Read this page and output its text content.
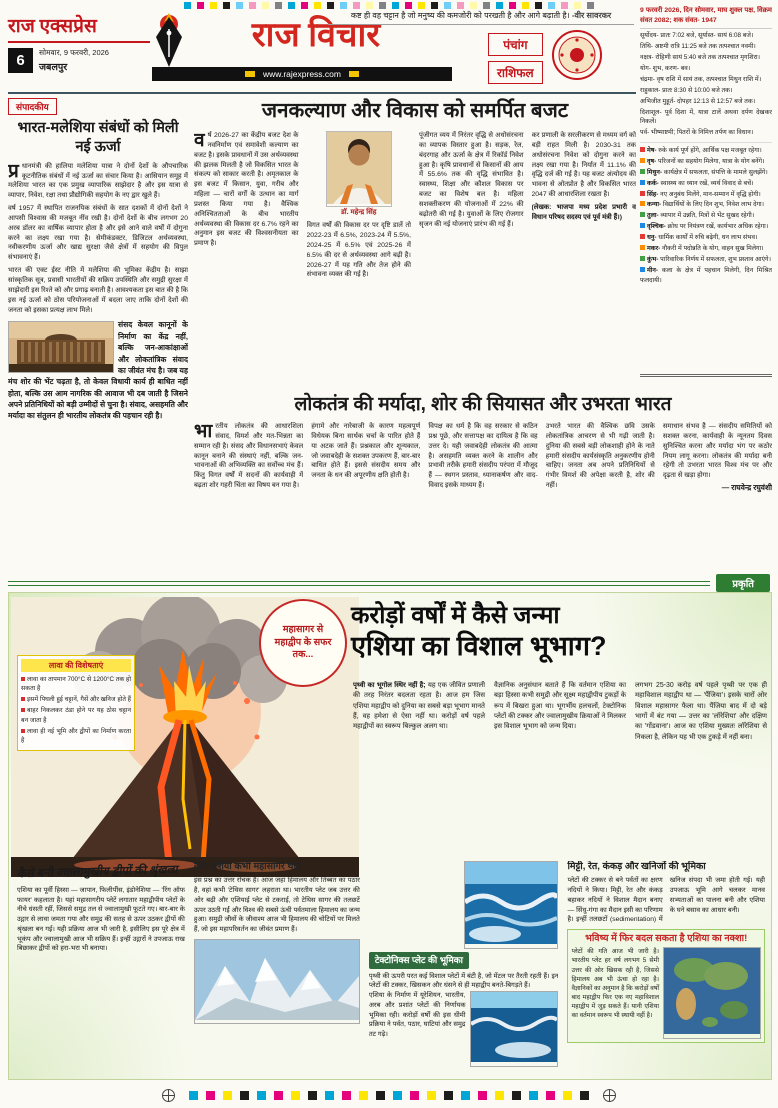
राज एक्सप्रेस
6	सोमवार, 9 फरवरी, 2026
जबलपुर
राज विचार
www.rajexpress.com
कष्ट ही वह चट्टान है जो मनुष्य की कमजोरी को परखती है और आगे बढ़ाती है। -वीर सावरकर
पंचांग
राशिफल
9 फरवरी 2026, दिन सोमवार, माघ शुक्ल पक्ष, विक्रम संवत 2082; शक संवत- 1947
सूर्योदय- प्रातः 7:02 बजे, सूर्यास्त- सायं 6:08 बजे।
तिथि- अष्टमी रात्रि 11:25 बजे तक तत्पश्चात नवमी।
नक्षत्र- रोहिणी सायं 5:40 बजे तक तत्पश्चात मृगशिरा।
योग- शुभ, करण- बव।
चंद्रमा- वृष राशि में सायं तक, तत्पश्चात मिथुन राशि में।
राहुकाल- प्रातः 8:30 से 10:00 बजे तक।
अभिजीत मुहूर्त- दोपहर 12:13 से 12:57 बजे तक।
दिशाशूल- पूर्व दिशा में, यात्रा टालें अथवा दर्पण देखकर निकलें।
पर्व- भीष्माष्टमी; पितरों के निमित्त तर्पण का विधान।
मेष- रुके कार्य पूर्ण होंगे, आर्थिक पक्ष मजबूत रहेगा।
वृष- परिजनों का सहयोग मिलेगा, यात्रा के योग बनेंगे।
मिथुन- कार्यक्षेत्र में सफलता, संपत्ति के मामले सुलझेंगे।
कर्क- स्वास्थ्य का ध्यान रखें, व्यर्थ विवाद से बचें।
सिंह- नए अनुबंध मिलेंगे, मान-सम्मान में वृद्धि होगी।
कन्या- विद्यार्थियों के लिए दिन शुभ, निवेश लाभ देगा।
तुला- व्यापार में उन्नति, मित्रों से भेंट सुखद रहेगी।
वृश्चिक- क्रोध पर नियंत्रण रखें, कार्यभार अधिक रहेगा।
धनु- धार्मिक कार्यों में रुचि बढ़ेगी, धन लाभ संभव।
मकर- नौकरी में पदोन्नति के योग, वाहन सुख मिलेगा।
कुंभ- पारिवारिक निर्णय में सफलता, शुभ प्रस्ताव आएंगे।
मीन- कला के क्षेत्र में पहचान मिलेगी, दिन मिश्रित फलदायी।
संपादकीय
भारत-मलेशिया संबंधों को मिली नई ऊर्जा

प्र धानमंत्री की हालिया मलेशिया यात्रा ने दोनों देशों के औपचारिक कूटनीतिक संबंधों में नई ऊर्जा का संचार किया है। आसियान समूह में मलेशिया भारत का एक प्रमुख व्यापारिक साझेदार है और इस यात्रा से व्यापार, निवेश, रक्षा तथा प्रौद्योगिकी सहयोग के नए द्वार खुले हैं।

वर्ष 1957 में स्थापित राजनयिक संबंधों के सात दशकों में दोनों देशों ने आपसी विश्वास की मजबूत नींव रखी है। दोनों देशों के बीच लगभग 20 अरब डॉलर का वार्षिक व्यापार होता है और इसे आने वाले वर्षों में दोगुना करने का लक्ष्य रखा गया है। सेमीकंडक्टर, डिजिटल अर्थव्यवस्था, नवीकरणीय ऊर्जा और खाद्य सुरक्षा जैसे क्षेत्रों में सहयोग की विपुल संभावनाएं हैं।

भारत की एक्ट ईस्ट नीति में मलेशिया की भूमिका केंद्रीय है। साझा सांस्कृतिक सूत्र, प्रवासी भारतीयों की सक्रिय उपस्थिति और समुद्री सुरक्षा में साझेदारी इस रिश्ते को और प्रगाढ़ बनाती है। आवश्यकता इस बात की है कि इस नई ऊर्जा को ठोस परियोजनाओं में बदला जाए ताकि दोनों देशों की जनता को इसका प्रत्यक्ष लाभ मिले।

संसद केवल कानूनों के निर्माण का केंद्र नहीं, बल्कि जन-आकांक्षाओं और लोकतांत्रिक संवाद का जीवंत मंच है। जब यह मंच शोर की भेंट चढ़ता है, तो केवल विधायी कार्य ही बाधित नहीं होता, बल्कि उस आम नागरिक की आवाज भी दब जाती है जिसने अपने प्रतिनिधियों को बड़ी उम्मीदों से चुना है। संवाद, असहमति और मर्यादा का संतुलन ही भारतीय लोकतंत्र की पहचान रही है।
जनकल्याण और विकास को समर्पित बजट
वर्ष 2026-27 का केंद्रीय बजट देश के नवनिर्माण एवं समावेशी कल्याण का बजट है। इसके प्रावधानों में उस अर्थव्यवस्था की झलक मिलती है जो विकसित भारत के संकल्प को साकार करती है। अमृतकाल के इस बजट में किसान, युवा, गरीब और महिला — चारों वर्गों के उत्थान का मार्ग प्रशस्त किया गया है। वैश्विक अनिश्चितताओं के बीच भारतीय अर्थव्यवस्था की विकास दर 6.7% रहने का अनुमान इस बजट की विश्वसनीयता का प्रमाण है।
डॉ. महेन्द्र सिंह
विगत वर्षों की विकास दर पर दृष्टि डालें तो 2022-23 में 6.5%, 2023-24 में 5.5%, 2024-25 में 6.5% एवं 2025-26 में 6.5% की दर से अर्थव्यवस्था आगे बढ़ी है। 2026-27 में यह गति और तेज होने की संभावना व्यक्त की गई है।
पूंजीगत व्यय में निरंतर वृद्धि से अधोसंरचना का व्यापक विस्तार हुआ है। सड़क, रेल, बंदरगाह और ऊर्जा के क्षेत्र में रिकॉर्ड निवेश हुआ है। कृषि प्रावधानों से किसानों की आय में 55.6% तक की वृद्धि संभावित है। स्वास्थ्य, शिक्षा और कौशल विकास पर बजट का विशेष बल है। महिला सशक्तीकरण की योजनाओं में 22% की बढ़ोतरी की गई है। युवाओं के लिए रोजगार सृजन की नई योजनाएं प्रारंभ की गई हैं।
कर प्रणाली के सरलीकरण से मध्यम वर्ग को बड़ी राहत मिली है। 2030-31 तक अधोसंरचना निवेश को दोगुना करने का लक्ष्य रखा गया है। निर्यात में 11.1% की वृद्धि दर्ज की गई है। यह बजट अंत्योदय की भावना से ओतप्रोत है और विकसित भारत 2047 की आधारशिला रखता है।
(लेखक: भाजपा मध्य प्रदेश प्रभारी व विधान परिषद सदस्य एवं पूर्व मंत्री हैं।)
लोकतंत्र की मर्यादा, शोर की सियासत और उभरता भारत
भारतीय लोकतंत्र की आधारशिला संवाद, विमर्श और मत-भिन्नता का सम्मान रही है। संसद और विधानसभाएं केवल कानून बनाने की संस्थाएं नहीं, बल्कि जन-भावनाओं की अभिव्यक्ति का सर्वोच्च मंच हैं। किंतु विगत वर्षों में सदनों की कार्यवाही में बढ़ता शोर गहरी चिंता का विषय बन गया है।
हंगामे और नारेबाजी के कारण महत्वपूर्ण विधेयक बिना सार्थक चर्चा के पारित होते हैं या अटक जाते हैं। प्रश्नकाल और शून्यकाल, जो जवाबदेही के सशक्त उपकरण हैं, बार-बार बाधित होते हैं। इससे संसदीय समय और जनता के धन की अपूरणीय क्षति होती है।
विपक्ष का धर्म है कि वह सरकार से कठिन प्रश्न पूछे, और सत्तापक्ष का दायित्व है कि वह उत्तर दे। यही जवाबदेही लोकतंत्र की आत्मा है। असहमति व्यक्त करने के शालीन और प्रभावी तरीके हमारी संसदीय परंपरा में मौजूद हैं — स्थगन प्रस्ताव, ध्यानाकर्षण और वाद-विवाद इसके माध्यम हैं।
उभरते भारत की वैश्विक छवि उसके लोकतांत्रिक आचरण से भी गढ़ी जाती है। दुनिया की सबसे बड़ी लोकशाही होने के नाते हमारी संसदीय कार्यसंस्कृति अनुकरणीय होनी चाहिए। जनता अब अपने प्रतिनिधियों से गंभीर विमर्श की अपेक्षा करती है, शोर की नहीं।
समाधान संभव है — संसदीय समितियों को सशक्त करना, कार्यवाही के न्यूनतम दिवस सुनिश्चित करना और मर्यादा भंग पर कठोर नियम लागू करना। लोकतंत्र की मर्यादा बनी रहेगी तो उभरता भारत विश्व मंच पर और दृढ़ता से खड़ा होगा।
— राघवेन्द्र रघुवंशी
प्रकृति
लावा की विशेषताएं
लावा का तापमान 700°C से 1200°C तक हो सकता है
इसमें पिघली हुई चट्टानें, गैसें और खनिज होते हैं
बाहर निकलकर ठंडा होने पर यह ठोस चट्टान बन जाता है
लावा ही नई भूमि और द्वीपों का निर्माण करता है
महासागर से महाद्वीप के सफर तक...
करोड़ों वर्षों में कैसे जन्मा
एशिया का विशाल भूभाग?
पृथ्वी का भूगोल स्थिर नहीं है; यह एक जीवित प्रणाली की तरह निरंतर बदलता रहता है। आज हम जिस एशिया महाद्वीप को दुनिया का सबसे बड़ा भूभाग मानते हैं, वह हमेशा से ऐसा नहीं था। करोड़ों वर्ष पहले महाद्वीपों का स्वरूप बिल्कुल अलग था।
वैज्ञानिक अनुसंधान बताते हैं कि वर्तमान एशिया का बड़ा हिस्सा कभी समुद्री और सूक्ष्म महाद्वीपीय टुकड़ों के रूप में बिखरा हुआ था। भूगर्भीय हलचलों, टेक्टोनिक प्लेटों की टक्कर और ज्वालामुखीय क्रियाओं ने मिलकर इस विशाल भूभाग को जन्म दिया।
लगभग 25-30 करोड़ वर्ष पहले पृथ्वी पर एक ही महाविशाल महाद्वीप था — 'पैंजिया'। इसके चारों ओर विशाल महासागर फैला था। पैंजिया बाद में दो बड़े भागों में बंट गया — उत्तर का 'लॉरेशिया' और दक्षिण का 'गोंडवाना'। आज का एशिया मुख्यतः लॉरेशिया से निकला है, लेकिन यह भी एक टुकड़े में नहीं बना।
कैसे बनी ज्वालामुखीय द्वीपों की श्रृंखला
एशिया का पूर्वी हिस्सा — जापान, फिलीपींस, इंडोनेशिया — 'रिंग ऑफ फायर' कहलाता है। यहां महासागरीय प्लेटें लगातार महाद्वीपीय प्लेटों के नीचे धंसती रहीं, जिससे समुद्र तल से ज्वालामुखी फूटते गए। बार-बार के उद्गार से लावा जमता गया और समुद्र की सतह से ऊपर उठकर द्वीपों की श्रृंखला बन गई। यही प्रक्रिया आज भी जारी है, इसीलिए इस पूरे क्षेत्र में भूकंप और ज्वालामुखी आज भी सक्रिय हैं। इन्हीं उद्गारों ने उपजाऊ राख बिछाकर द्वीपों को हरा-भरा भी बनाया।
क्या एशिया कभी महासागर था?
इस प्रश्न का उत्तर रोचक है। आज जहां हिमालय और तिब्बत का पठार है, वहां कभी 'टेथिस सागर' लहराता था। भारतीय प्लेट जब उत्तर की ओर बढ़ी और एशियाई प्लेट से टकराई, तो टेथिस सागर की तलछटें ऊपर उठती गईं और विश्व की सबसे ऊंची पर्वतमाला हिमालय का जन्म हुआ। समुद्री जीवों के जीवाश्म आज भी हिमालय की चोटियों पर मिलते हैं, जो इस महापरिवर्तन का जीवंत प्रमाण हैं।
टेक्टोनिक्स प्लेट की भूमिका
पृथ्वी की ऊपरी परत कई विशाल प्लेटों में बंटी है, जो मेंटल पर तैरती रहती हैं। इन प्लेटों की टक्कर, खिसकन और धंसने से ही महाद्वीप बनते-बिगड़ते हैं।
एशिया के निर्माण में यूरेशियन, भारतीय, अरब और प्रशांत प्लेटों की निर्णायक भूमिका रही। करोड़ों वर्षों की इस धीमी प्रक्रिया ने पर्वत, पठार, घाटियां और समुद्र तट गढ़े।
मिट्टी, रेत, कंकड़ और खनिजों की भूमिका
प्लेटों की टक्कर से बने पर्वतों का क्षरण नदियों ने किया। मिट्टी, रेत और कंकड़ बहाकर नदियों ने विशाल मैदान बनाए — सिंधु-गंगा का मैदान इसी का परिणाम है। इन्हीं तलछटों (sedimentation) में खनिज संपदा भी जमा होती गई। यही उपजाऊ भूमि आगे चलकर मानव सभ्यताओं का पालना बनी और एशिया के घने बसाव का आधार बनी।
भविष्य में फिर बदल सकता है एशिया का नक्शा!
प्लेटों की गति आज भी जारी है। भारतीय प्लेट हर वर्ष लगभग 5 सेमी उत्तर की ओर खिसक रही है, जिससे हिमालय अब भी ऊंचा हो रहा है। वैज्ञानिकों का अनुमान है कि करोड़ों वर्षों बाद महाद्वीप फिर एक नए महाविशाल महाद्वीप में जुड़ सकते हैं। यानी एशिया का वर्तमान स्वरूप भी स्थायी नहीं है।
